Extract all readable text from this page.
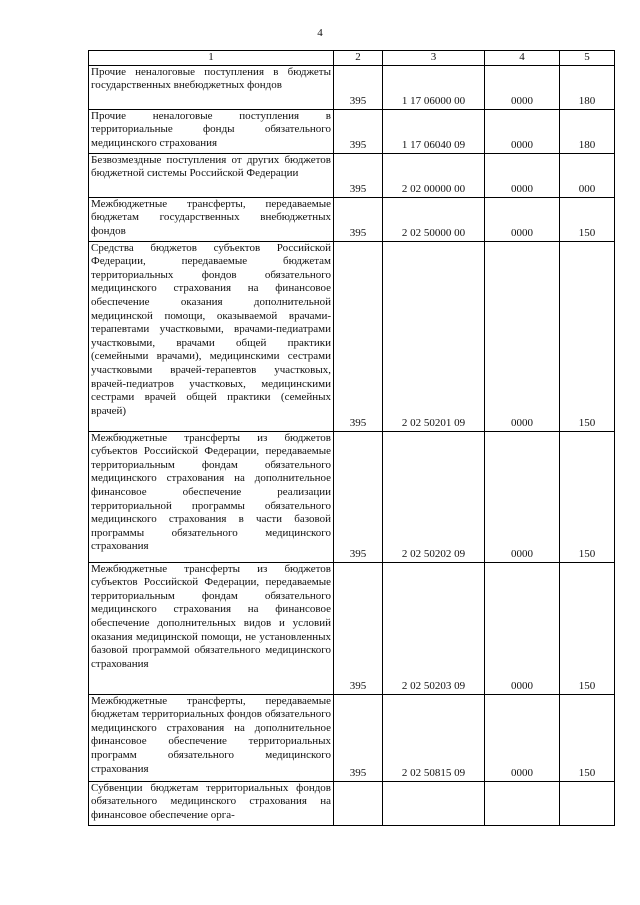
4
1	2	3	4	5
Прочие неналоговые поступления в бюджеты государственных внебюджетных фондов	395	1 17 06000 00	0000	180
Прочие неналоговые поступления в территориальные фонды обязательного медицинского страхования	395	1 17 06040 09	0000	180
Безвозмездные поступления от других бюджетов бюджетной системы Российской Федерации	395	2 02 00000 00	0000	000
Межбюджетные трансферты, передаваемые бюджетам государственных внебюджетных фондов	395	2 02 50000 00	0000	150
Средства бюджетов субъектов Российской Федерации, передаваемые бюджетам территориальных фондов обязательного медицинского страхования на финансовое обеспечение оказания дополнительной медицинской помощи, оказываемой врачами-терапевтами участковыми, врачами-педиатрами участковыми, врачами общей практики (семейными врачами), медицинскими сестрами участковыми врачей-терапевтов участковых, врачей-педиатров участковых, медицинскими сестрами врачей общей практики (семейных врачей)	395	2 02 50201 09	0000	150
Межбюджетные трансферты из бюджетов субъектов Российской Федерации, передаваемые территориальным фондам обязательного медицинского страхования на дополнительное финансовое обеспечение реализации территориальной программы обязательного медицинского страхования в части базовой программы обязательного медицинского страхования	395	2 02 50202 09	0000	150
Межбюджетные трансферты из бюджетов субъектов Российской Федерации, передаваемые территориальным фондам обязательного медицинского страхования на финансовое обеспечение дополнительных видов и условий оказания медицинской помощи, не установленных базовой программой обязательного медицинского страхования	395	2 02 50203 09	0000	150
Межбюджетные трансферты, передаваемые бюджетам территориальных фондов обязательного медицинского страхования на дополнительное финансовое обеспечение территориальных программ обязательного медицинского страхования	395	2 02 50815 09	0000	150
Субвенции бюджетам территориальных фондов обязательного медицинского страхования на финансовое обеспечение орга-				
